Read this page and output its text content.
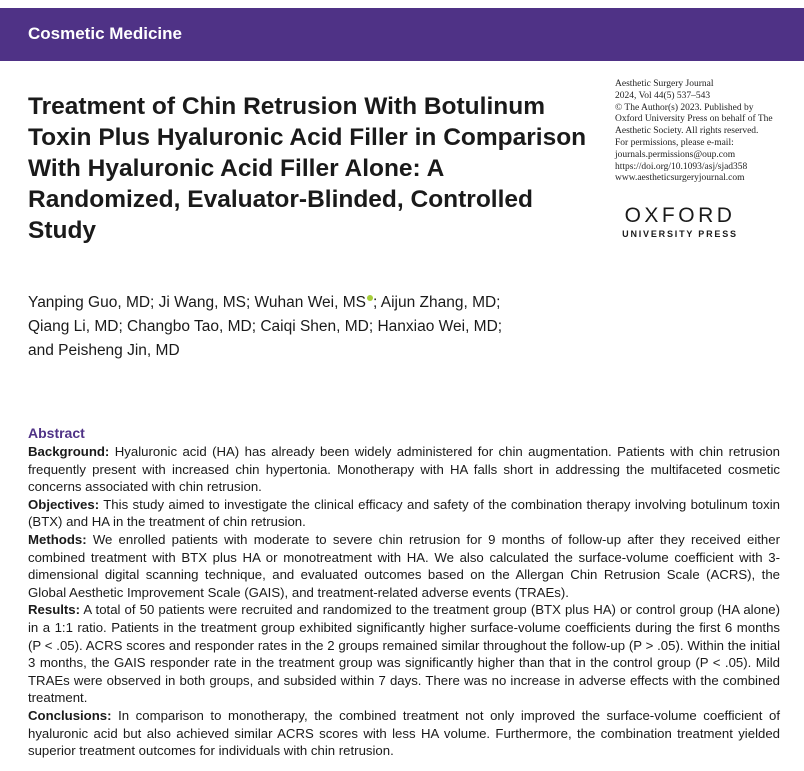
Cosmetic Medicine
Treatment of Chin Retrusion With Botulinum Toxin Plus Hyaluronic Acid Filler in Comparison With Hyaluronic Acid Filler Alone: A Randomized, Evaluator-Blinded, Controlled Study
Aesthetic Surgery Journal
2024, Vol 44(5) 537–543
© The Author(s) 2023. Published by
Oxford University Press on behalf of The
Aesthetic Society. All rights reserved.
For permissions, please e-mail:
journals.permissions@oup.com
https://doi.org/10.1093/asj/sjad358
www.aestheticsurgeryjournal.com
OXFORD
UNIVERSITY PRESS
Yanping Guo, MD; Ji Wang, MS; Wuhan Wei, MS ; Aijun Zhang, MD;
Qiang Li, MD; Changbo Tao, MD; Caiqi Shen, MD; Hanxiao Wei, MD;
and Peisheng Jin, MD
Abstract

Background: Hyaluronic acid (HA) has already been widely administered for chin augmentation. Patients with chin retrusion frequently present with increased chin hypertonia. Monotherapy with HA falls short in addressing the multifaceted cosmetic concerns associated with chin retrusion.

Objectives: This study aimed to investigate the clinical efficacy and safety of the combination therapy involving botulinum toxin (BTX) and HA in the treatment of chin retrusion.

Methods: We enrolled patients with moderate to severe chin retrusion for 9 months of follow-up after they received either combined treatment with BTX plus HA or monotreatment with HA. We also calculated the surface-volume coefficient with 3-dimensional digital scanning technique, and evaluated outcomes based on the Allergan Chin Retrusion Scale (ACRS), the Global Aesthetic Improvement Scale (GAIS), and treatment-related adverse events (TRAEs).

Results: A total of 50 patients were recruited and randomized to the treatment group (BTX plus HA) or control group (HA alone) in a 1:1 ratio. Patients in the treatment group exhibited significantly higher surface-volume coefficients during the first 6 months (P < .05). ACRS scores and responder rates in the 2 groups remained similar throughout the follow-up (P > .05). Within the initial 3 months, the GAIS responder rate in the treatment group was significantly higher than that in the control group (P < .05). Mild TRAEs were observed in both groups, and subsided within 7 days. There was no increase in adverse effects with the combined treatment.

Conclusions: In comparison to monotherapy, the combined treatment not only improved the surface-volume coefficient of hyaluronic acid but also achieved similar ACRS scores with less HA volume. Furthermore, the combination treatment yielded superior treatment outcomes for individuals with chin retrusion.
